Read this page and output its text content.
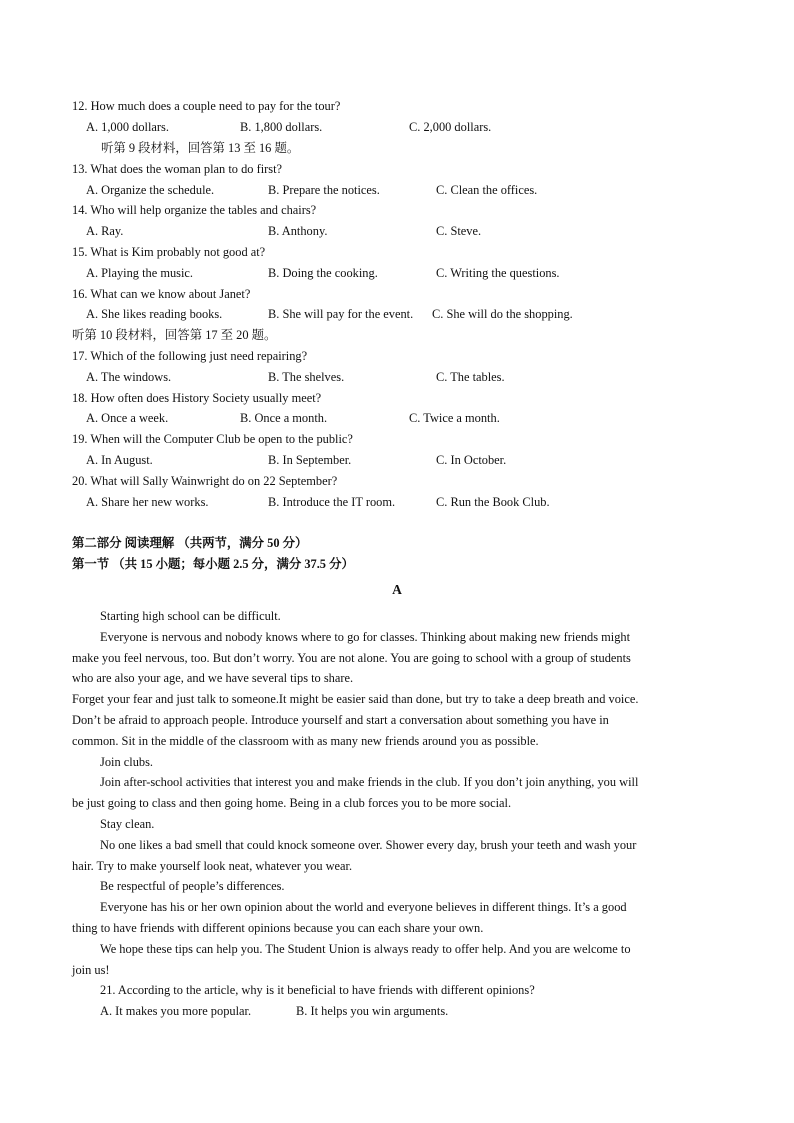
12. How much does a couple need to pay for the tour?
A. 1,000 dollars.	B. 1,800 dollars.	C. 2,000 dollars.
听第 9 段材料，回答第 13 至 16 题。
13. What does the woman plan to do first?
A. Organize the schedule.	B. Prepare the notices.	C. Clean the offices.
14. Who will help organize the tables and chairs?
A. Ray.	B. Anthony.	C. Steve.
15. What is Kim probably not good at?
A. Playing the music.	B. Doing the cooking.	C. Writing the questions.
16. What can we know about Janet?
A. She likes reading books.	B. She will pay for the event. C. She will do the shopping.
听第 10 段材料，回答第 17 至 20 题。
17. Which of the following just need repairing?
A. The windows.	B. The shelves.	C. The tables.
18. How often does History Society usually meet?
A. Once a week.	B. Once a month.	C. Twice a month.
19. When will the Computer Club be open to the public?
A. In August.	B. In September.	C. In October.
20. What will Sally Wainwright do on 22 September?
A. Share her new works.	B. Introduce the IT room.	C. Run the Book Club.
第二部分 阅读理解 （共两节，满分 50 分）
第一节 （共 15 小题；每小题 2.5 分，满分 37.5 分）
A
Starting high school can be difficult.
Everyone is nervous and nobody knows where to go for classes. Thinking about making new friends might
make you feel nervous, too. But don’t worry. You are not alone. You are going to school with a group of students
who are also your age, and we have several tips to share.
Forget your fear and just talk to someone.It might be easier said than done, but try to take a deep breath and voice.
Don’t be afraid to approach people. Introduce yourself and start a conversation about something you have in
common. Sit in the middle of the classroom with as many new friends around you as possible.
Join clubs.
Join after-school activities that interest you and make friends in the club. If you don’t join anything, you will
be just going to class and then going home. Being in a club forces you to be more social.
Stay clean.
No one likes a bad smell that could knock someone over. Shower every day, brush your teeth and wash your
hair. Try to make yourself look neat, whatever you wear.
Be respectful of people’s differences.
Everyone has his or her own opinion about the world and everyone believes in different things. It’s a good
thing to have friends with different opinions because you can each share your own.
We hope these tips can help you. The Student Union is always ready to offer help. And you are welcome to
join us!
21. According to the article, why is it beneficial to have friends with different opinions?
A. It makes you more popular.	B. It helps you win arguments.
